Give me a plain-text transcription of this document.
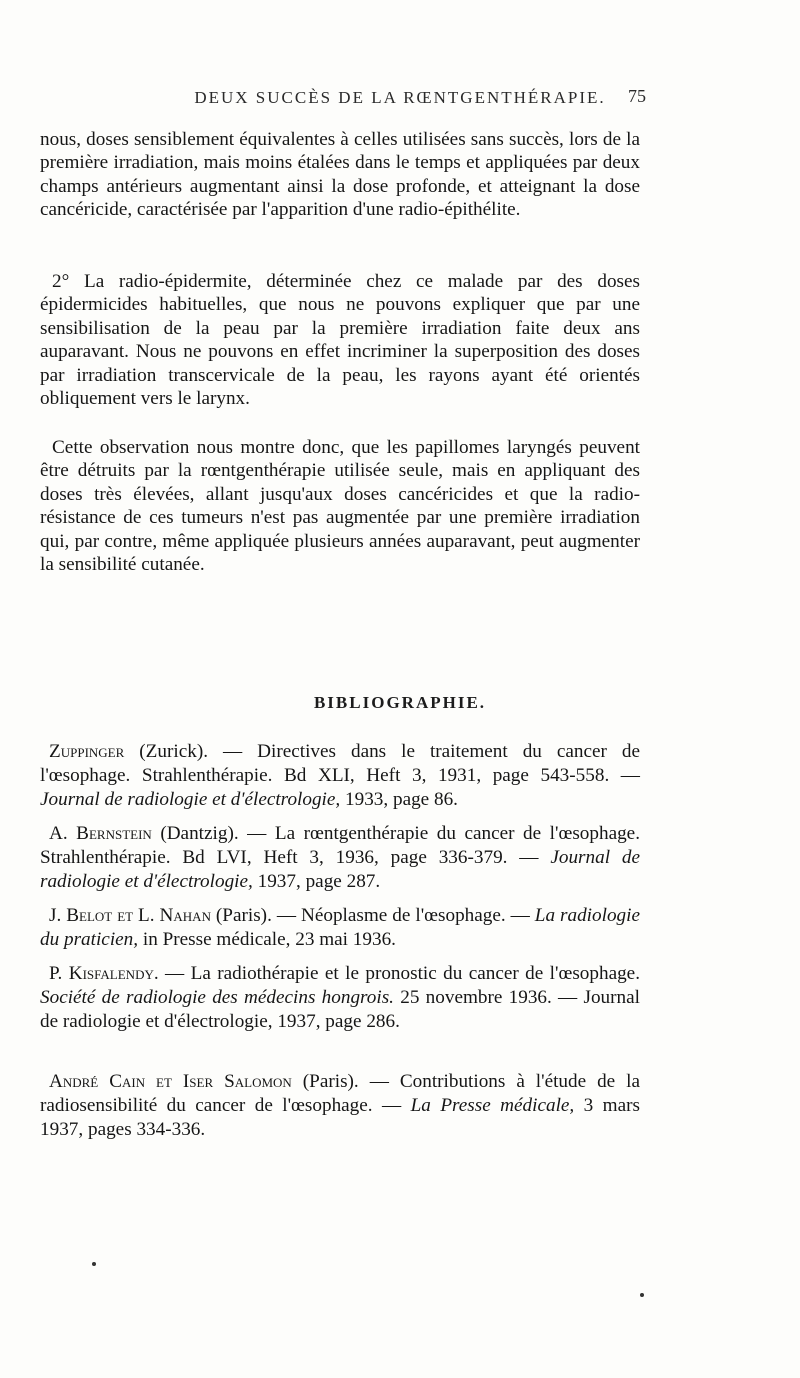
DEUX SUCCÈS DE LA RŒNTGENTHÉRAPIE.	75

nous, doses sensiblement équivalentes à celles utilisées sans succès, lors de la première irradiation, mais moins étalées dans le temps et appliquées par deux champs antérieurs augmentant ainsi la dose profonde, et atteignant la dose cancéricide, caractérisée par l'apparition d'une radio-épithélite.

2° La radio-épidermite, déterminée chez ce malade par des doses épidermicides habituelles, que nous ne pouvons expliquer que par une sensibilisation de la peau par la première irradiation faite deux ans auparavant. Nous ne pouvons en effet incriminer la superposition des doses par irradiation transcervicale de la peau, les rayons ayant été orientés obliquement vers le larynx.

Cette observation nous montre donc, que les papillomes laryngés peuvent être détruits par la rœntgenthérapie utilisée seule, mais en appliquant des doses très élevées, allant jusqu'aux doses cancéricides et que la radio-résistance de ces tumeurs n'est pas augmentée par une première irradiation qui, par contre, même appliquée plusieurs années auparavant, peut augmenter la sensibilité cutanée.

BIBLIOGRAPHIE.

Zuppinger (Zurick). — Directives dans le traitement du cancer de l'œsophage. Strahlenthérapie. Bd XLI, Heft 3, 1931, page 543-558. — Journal de radiologie et d'électrologie, 1933, page 86.

A. Bernstein (Dantzig). — La rœntgenthérapie du cancer de l'œsophage. Strahlenthérapie. Bd LVI, Heft 3, 1936, page 336-379. — Journal de radiologie et d'électrologie, 1937, page 287.

J. Belot et L. Nahan (Paris). — Néoplasme de l'œsophage. — La radiologie du praticien, in Presse médicale, 23 mai 1936.

P. Kisfalendy. — La radiothérapie et le pronostic du cancer de l'œsophage. Société de radiologie des médecins hongrois. 25 novembre 1936. — Journal de radiologie et d'électrologie, 1937, page 286.

André Cain et Iser Salomon (Paris). — Contributions à l'étude de la radiosensibilité du cancer de l'œsophage. — La Presse médicale, 3 mars 1937, pages 334-336.
